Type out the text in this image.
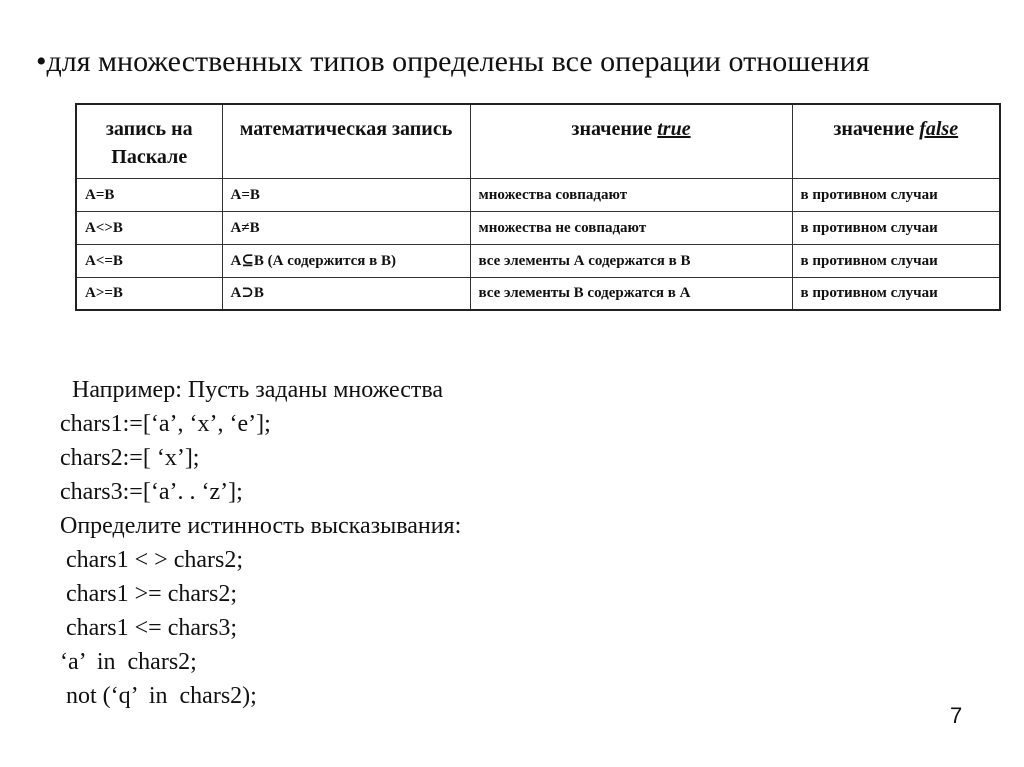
•для множественных типов определены все операции отношения
запись на Паскале	математическая запись	значение true	значение false
A=B	A=B	множества совпадают	в противном случаи
A<>B	A≠B	множества не совпадают	в противном случаи
A<=B	A⊆B (А содержится в В)	все элементы А содержатся в В	в противном случаи
A>=B	A⊃B	все элементы В содержатся в А	в противном случаи
Например: Пусть заданы множества
chars1:=[‘a’, ‘x’, ‘e’];
chars2:=[ ‘x’];
chars3:=[‘a’. . ‘z’];
Определите истинность высказывания:
chars1 < > chars2;
chars1 >= chars2;
chars1 <= chars3;
‘a’  in  chars2;
not (‘q’  in  chars2);
7
